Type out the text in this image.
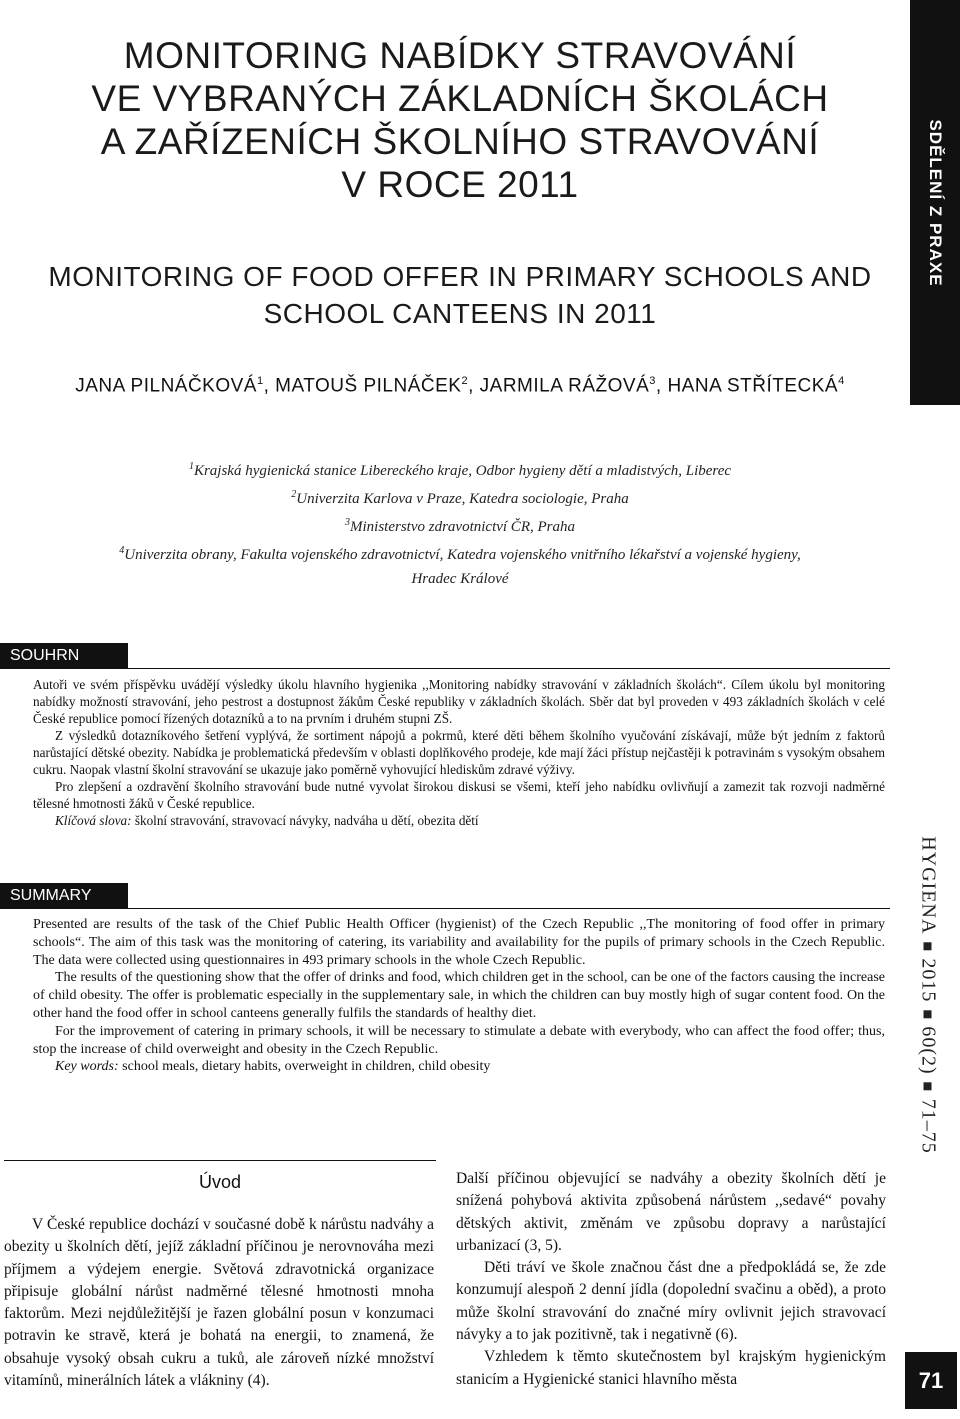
MONITORING NABÍDKY STRAVOVÁNÍ
VE VYBRANÝCH ZÁKLADNÍCH ŠKOLÁCH
A ZAŘÍZENÍCH ŠKOLNÍHO STRAVOVÁNÍ
V ROCE 2011
MONITORING OF FOOD OFFER IN PRIMARY SCHOOLS AND
SCHOOL CANTEENS IN 2011
JANA PILNÁČKOVÁ$^1$, MATOUŠ PILNÁČEK$^2$, JARMILA RÁŽOVÁ$^3$, HANA STŘÍTECKÁ$^4$

$^1$Krajská hygienická stanice Libereckého kraje, Odbor hygieny dětí a mladistvých, Liberec

$^2$Univerzita Karlova v Praze, Katedra sociologie, Praha

$^3$Ministerstvo zdravotnictví ČR, Praha

$^4$Univerzita obrany, Fakulta vojenského zdravotnictví, Katedra vojenského vnitřního lékařství a vojenské hygieny,

Hradec Králové

SOUHRN

Autoři ve svém příspěvku uvádějí výsledky úkolu hlavního hygienika ,,Monitoring nabídky stravování v základních školách“. Cílem úkolu byl monitoring nabídky možností stravování, jeho pestrost a dostupnost žákům České republiky v základních školách. Sběr dat byl proveden v 493 základních školách v celé České republice pomocí řízených dotazníků a to na prvním i druhém stupni ZŠ.

Z výsledků dotazníkového šetření vyplývá, že sortiment nápojů a pokrmů, které děti během školního vyučování získávají, může být jedním z faktorů narůstající dětské obezity. Nabídka je problematická především v oblasti doplňkového prodeje, kde mají žáci přístup nejčastěji k potravinám s vysokým obsahem cukru. Naopak vlastní školní stravování se ukazuje jako poměrně vyhovující hlediskům zdravé výživy.

Pro zlepšení a ozdravění školního stravování bude nutné vyvolat širokou diskusi se všemi, kteří jeho nabídku ovlivňují a zamezit tak rozvoji nadměrné tělesné hmotnosti žáků v České republice.

Klíčová slova: školní stravování, stravovací návyky, nadváha u dětí, obezita dětí

SUMMARY

Presented are results of the task of the Chief Public Health Officer (hygienist) of the Czech Republic ,,The monitoring of food offer in primary schools“. The aim of this task was the monitoring of catering, its variability and availability for the pupils of primary schools in the Czech Republic. The data were collected using questionnaires in 493 primary schools in the whole Czech Republic.

The results of the questioning show that the offer of drinks and food, which children get in the school, can be one of the factors causing the increase of child obesity. The offer is problematic especially in the supplementary sale, in which the children can buy mostly high of sugar content food. On the other hand the food offer in school canteens generally fulfils the standards of healthy diet.

For the improvement of catering in primary schools, it will be necessary to stimulate a debate with everybody, who can affect the food offer; thus, stop the increase of child overweight and obesity in the Czech Republic.

Key words: school meals, dietary habits, overweight in children, child obesity

Úvod

V České republice dochází v současné době k nárůstu nadváhy a obezity u školních dětí, jejíž základní příčinou je nerovnováha mezi příjmem a výdejem energie. Světová zdravotnická organizace připisuje globální nárůst nadměrné tělesné hmotnosti mnoha faktorům. Mezi nejdůležitější je řazen globální posun v konzumaci potravin ke stravě, která je bohatá na energii, to znamená, že obsahuje vysoký obsah cukru a tuků, ale zároveň nízké množství vitamínů, minerálních látek a vlákniny (4).

Další příčinou objevující se nadváhy a obezity školních dětí je snížená pohybová aktivita způsobená nárůstem ,,sedavé“ povahy dětských aktivit, změnám ve způsobu dopravy a narůstající urbanizací (3, 5).

Děti tráví ve škole značnou část dne a předpokládá se, že zde konzumují alespoň 2 denní jídla (dopolední svačinu a oběd), a proto může školní stravování do značné míry ovlivnit jejich stravovací návyky a to jak pozitivně, tak i negativně (6).

Vzhledem k těmto skutečnostem byl krajským hygienickým stanicím a Hygienické stanici hlavního města

SDĚLENÍ Z PRAXE
HYGIENA201560(2)71–75
71
